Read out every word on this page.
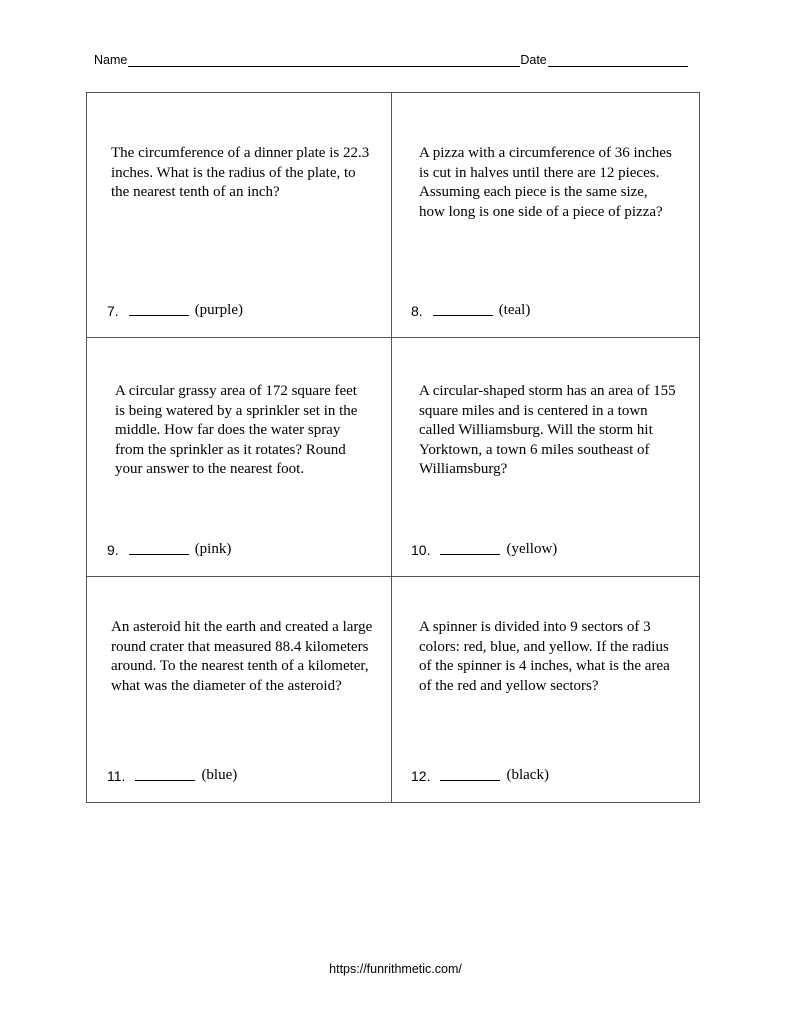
Name	Date
The circumference of a dinner plate is 22.3 inches. What is the radius of the plate, to the nearest tenth of an inch?
7.	(purple)
A pizza with a circumference of 36 inches is cut in halves until there are 12 pieces. Assuming each piece is the same size, how long is one side of a piece of pizza?
8.	(teal)
A circular grassy area of 172 square feet is being watered by a sprinkler set in the middle. How far does the water spray from the sprinkler as it rotates? Round your answer to the nearest foot.
9.	(pink)
A circular-shaped storm has an area of 155 square miles and is centered in a town called Williamsburg. Will the storm hit Yorktown, a town 6 miles southeast of Williamsburg?
10.	(yellow)
An asteroid hit the earth and created a large round crater that measured 88.4 kilometers around. To the nearest tenth of a kilometer, what was the diameter of the asteroid?
11.	(blue)
A spinner is divided into 9 sectors of 3 colors: red, blue, and yellow. If the radius of the spinner is 4 inches, what is the area of the red and yellow sectors?
12.	(black)
https://funrithmetic.com/
